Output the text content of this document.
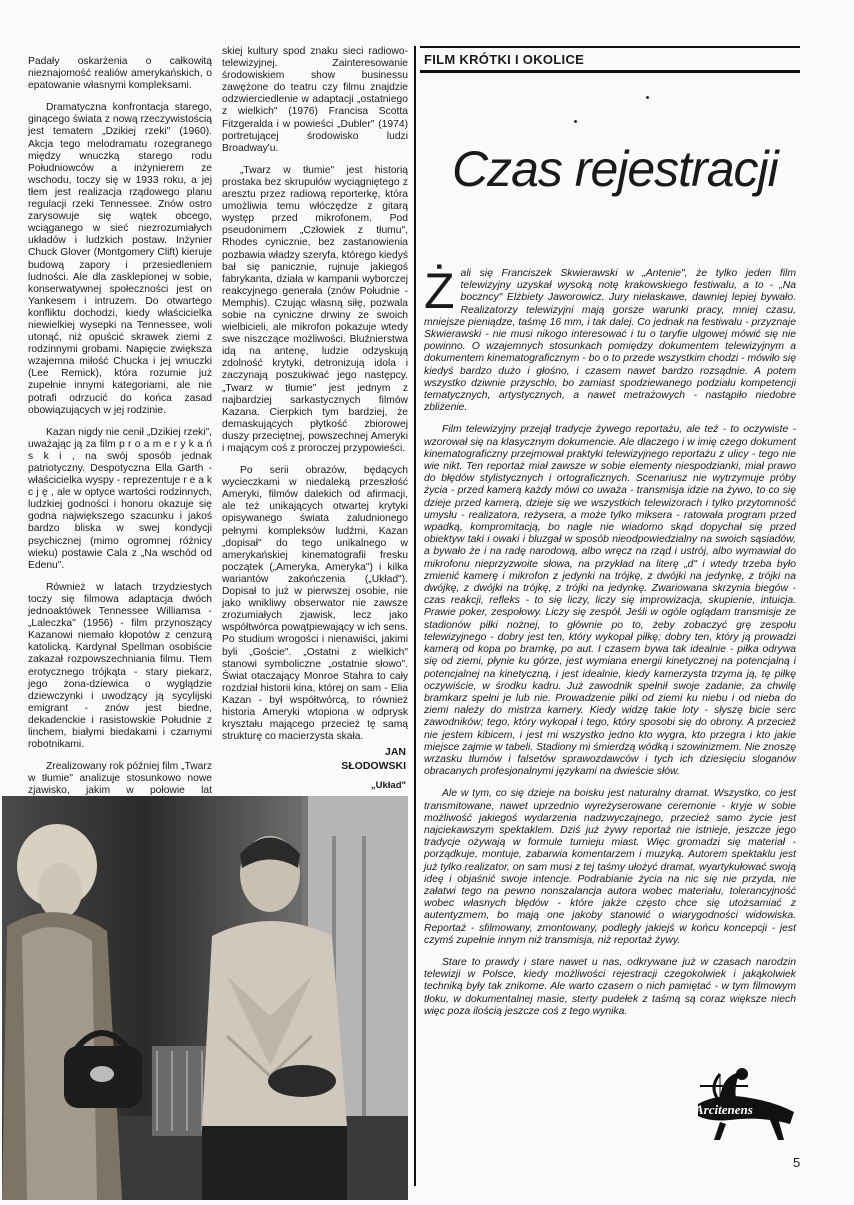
FILM KRÓTKI I OKOLICE
Czas rejestracji

Padały oskarżenia o całkowitą nieznajomość realiów amerykańskich, o epatowanie własnymi kompleksami.

Dramatyczna konfrontacja starego, ginącego świata z nową rzeczywistością jest tematem „Dzikiej rzeki" (1960). Akcja tego melodramatu rozegranego między wnuczką starego rodu Południowców a inżynierem ze wschodu, toczy się w 1933 roku, a jej tłem jest realizacja rządowego planu regulacji rzeki Tennessee. Znów ostro zarysowuje się wątek obcego, wciąganego w sieć niezrozumiałych układów i ludzkich postaw. Inżynier Chuck Glover (Montgomery Clift) kieruje budową zapory i przesiedleniem ludności. Ale dla zasklepionej w sobie, konserwatywnej społeczności jest on Yankesem i intruzem. Do otwartego konfliktu dochodzi, kiedy właścicielka niewielkiej wysepki na Tennessee, woli utonąć, niż opuścić skrawek ziemi z rodzinnymi grobami. Napięcie zwiększa wzajemna miłość Chucka i jej wnuczki (Lee Remick), która rozumie już zupełnie innymi kategoriami, ale nie potrafi odrzucić do końca zasad obowiązujących w jej rodzinie.

Kazan nigdy nie cenił „Dzikiej rzeki", uważając ją za film p r o a m e r y k a ń s k i , na swój sposób jednak patriotyczny. Despotyczna Ella Garth - właścicielka wyspy - reprezentuje r e a k c j ę , ale w optyce wartości rodzinnych, ludzkiej godności i honoru okazuje się godna największego szacunku i jakoś bardzo bliska w swej kondycji psychicznej (mimo ogromnej różnicy wieku) postawie Cala z „Na wschód od Edenu".

Również w latach trzydziestych toczy się filmowa adaptacja dwóch jednoaktówek Tennessee Williamsa - „Laleczka" (1956) - film przynoszący Kazanowi niemało kłopotów z cenzurą katolicką. Kardynał Spellman osobiście zakazał rozpowszechniania filmu. Tłem erotycznego trójkąta - stary piekarz, jego żona-dziewica o wyglądzie dziewczynki i uwodzący ją sycylijski emigrant - znów jest biedne, dekadenckie i rasistowskie Południe z linchem, białymi biedakami i czarnymi robotnikami.

Zrealizowany rok później film „Twarz w tłumie" analizuje stosunkowo nowe zjawisko, jakim w połowie lat

skiej kultury spod znaku sieci radiowo-telewizyjnej. Zainteresowanie środowiskiem show businessu zawężone do teatru czy filmu znajdzie odzwierciedlenie w adaptacji „ostatniego z wielkich" (1976) Francisa Scotta Fitzgeralda i w powieści „Dubler" (1974) portretującej środowisko ludzi Broadway'u.

„Twarz w tłumie" jest historią prostaka bez skrupułów wyciągniętego z aresztu przez radiową reporterkę, która umożliwia temu włóczędze z gitarą występ przed mikrofonem. Pod pseudonimem „Człowiek z tłumu", Rhodes cynicznie, bez zastanowienia pozbawia władzy szeryfa, którego kiedyś bał się panicznie, rujnuje jakiegoś fabrykanta, działa w kampanii wyborczej reakcyjnego generała (znów Południe - Memphis). Czując własną siłę, pozwala sobie na cyniczne drwiny ze swoich wielbicieli, ale mikrofon pokazuje wtedy swe niszczące możliwości. Bluźnierstwa idą na antenę, ludzie odzyskują zdolność krytyki, detronizują idola i zaczynają poszukiwać jego następcy. „Twarz w tłumie" jest jednym z najbardziej sarkastycznych filmów Kazana. Cierpkich tym bardziej, że demaskujących płytkość zbiorowej duszy przeciętnej, powszechnej Ameryki i mającym coś z proroczej przypowieści.

Po serii obrazów, będących wycieczkami w niedaleką przeszłość Ameryki, filmów dalekich od afirmacji, ale też unikających otwartej krytyki opisywanego świata zaludnionego pełnymi kompleksów ludźmi, Kazan „dopisał" do tego unikalnego w amerykańskiej kinematografii fresku początek („Ameryka, Ameryka") i kilka wariantów zakończenia („Układ"). Dopisał to już w pierwszej osobie, nie jako wnikliwy obserwator nie zawsze zrozumiałych zjawisk, lecz jako współtwórca powątpiewający w ich sens. Po studium wrogości i nienawiści, jakimi byli „Goście". „Ostatni z wielkich" stanowi symboliczne „ostatnie słowo". Świat otaczający Monroe Stahra to cały rozdział historii kina, której on sam - Elia Kazan - był współtwórcą, to również historia Ameryki wtopiona w odprysk kryształu mającego przecież tę samą strukturę co macierzysta skała.

JAN
SŁODOWSKI
„Układ"

Żali się Franciszek Skwierawski w „Antenie", że tylko jeden film telewizyjny uzyskał wysoką notę krakowskiego festiwalu, a to - „Na boczncy" Elżbiety Jaworowicz. Jury niełaskawe, dawniej lepiej bywało. Realizatorzy telewizyjni mają gorsze warunki pracy, mniej czasu, mniejsze pieniądze, taśmę 16 mm, i tak dalej. Co jednak na festiwalu - przyznaje Skwierawski - nie musi nikogo interesować i tu o taryfie ulgowej mówić się nie powinno. O wzajemnych stosunkach pomiędzy dokumentem telewizyjnym a dokumentem kinematograficznym - bo o to przede wszystkim chodzi - mówiło się kiedyś bardzo dużo i głośno, i czasem nawet bardzo rozsądnie. A potem wszystko dziwnie przyschło, bo zamiast spodziewanego podziału kompetencji tematycznych, artystycznych, a nawet metrażowych - nastąpiło niedobre zbliżenie.

Film telewizyjny przejął tradycje żywego reportażu, ale też - to oczywiste - wzorował się na klasycznym dokumencie. Ale dlaczego i w imię czego dokument kinematograficzny przejmował praktyki telewizyjnego reportażu z ulicy - tego nie wie nikt. Ten reportaż miał zawsze w sobie elementy niespodzianki, miał prawo do błędów stylistycznych i ortograficznych. Scenariusz nie wytrzymuje próby życia - przed kamerą każdy mówi co uważa - transmisja idzie na żywo, to co się dzieje przed kamerą, dzieje się we wszystkich telewizorach i tylko przytomność umysłu - realizatora, reżysera, a może tylko miksera - ratowała program przed wpadką, kompromitacją, bo nagle nie wiadomo skąd dopychał się przed obiektyw taki i owaki i bluzgał w sposób nieodpowiedzialny na swoich sąsiadów, a bywało że i na radę narodową, albo wręcz na rząd i ustrój, albo wymawiał do mikrofonu nieprzyzwoite słowa, na przykład na literę „d" i wtedy trzeba było zmienić kamerę i mikrofon z jedynki na trójkę, z dwójki na jedynkę, z trójki na dwójkę, z dwójki na trójkę, z trójki na jedynkę. Zwariowana skrzynia biegów - czas reakcji, refleks - to się liczy, liczy się improwizacja, skupienie, intuicja. Prawie poker, zespołowy. Liczy się zespół. Jeśli w ogóle oglądam transmisje ze stadionów piłki nożnej, to głównie po to, żeby zobaczyć grę zespołu telewizyjnego - dobry jest ten, który wykopał piłkę; dobry ten, który ją prowadzi kamerą od kopa po bramkę, po aut. I czasem bywa tak idealnie - piłka odrywa się od ziemi, płynie ku górze, jest wymiana energii kinetycznej na potencjalną i potencjalnej na kinetyczną, i jest idealnie, kiedy kamerzysta trzyma ją, tę piłkę oczywiście, w środku kadru. Już zawodnik spełnił swoje zadanie, za chwilę bramkarz spełni je lub nie. Prowadzenie piłki od ziemi ku niebu i od nieba do ziemi należy do mistrza kamery. Kiedy widzę takie loty - słyszę bicie serc zawodników; tego, który wykopał i tego, który sposobi się do obrony. A przecież nie jestem kibicem, i jest mi wszystko jedno kto wygra, kto przegra i kto jakie miejsce zajmie w tabeli. Stadiony mi śmierdzą wódką i szowinizmem. Nie znoszę wrzasku tłumów i falsetów sprawozdawców i tych ich dziesięciu sloganów obracanych profesjonalnymi językami na dwieście słów.

Ale w tym, co się dzieje na boisku jest naturalny dramat. Wszystko, co jest transmitowane, nawet uprzednio wyreżyserowane ceremonie - kryje w sobie możliwość jakiegoś wydarzenia nadzwyczajnego, przecież samo życie jest najciekawszym spektaklem. Dziś już żywy reportaż nie istnieje, jeszcze jego tradycje ożywają w formule turnieju miast. Więc gromadzi się materiał - porządkuje, montuje, zabarwia komentarzem i muzyką. Autorem spektaklu jest już tylko realizator, on sam musi z tej taśmy ułożyć dramat, wyartykułować swoją ideę i objaśnić swoje intencje. Podrabianie życia na nic się nie przyda, nie załatwi tego na pewno nonszalancja autora wobec materiału, tolerancyjność wobec własnych błędów - które jakże często chce się utożsamiać z autentyzmem, bo mają one jakoby stanowić o wiarygodności widowiska. Reportaż - sfilmowany, zmontowany, podległy jakiejś w końcu koncepcji - jest czymś zupełnie innym niż transmisja, niż reportaż żywy.

Stare to prawdy i stare nawet u nas, odkrywane już w czasach narodzin telewizji w Polsce, kiedy możliwości rejestracji czegokolwiek i jakąkolwiek techniką były tak znikome. Ale warto czasem o nich pamiętać - w tym filmowym tłoku, w dokumentalnej masie, sterty pudełek z taśmą są coraz większe niech więc poza ilością jeszcze coś z tego wynika.

Arcitenens
5
